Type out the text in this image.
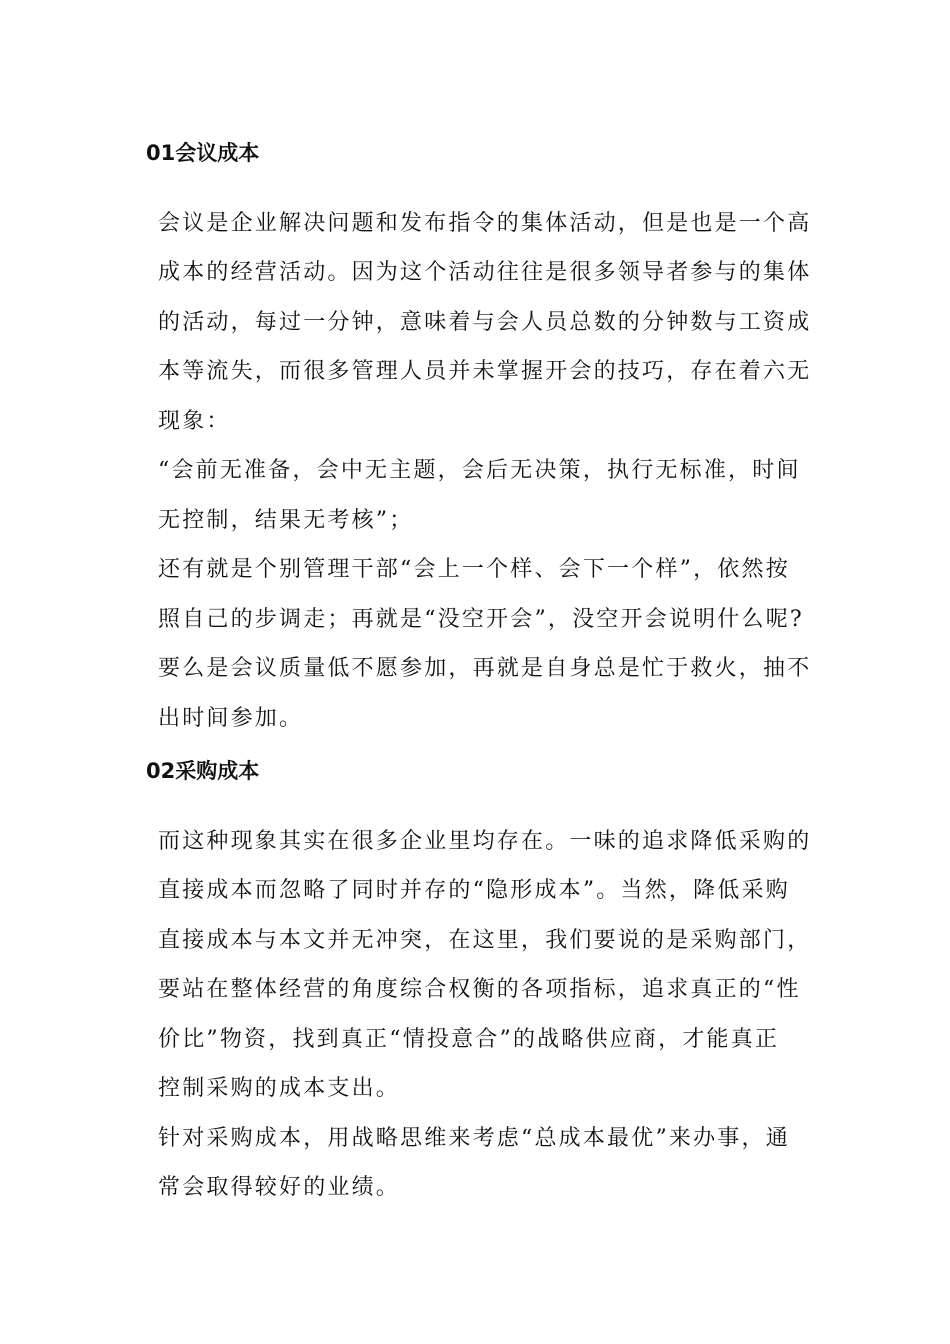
01会议成本
会议是企业解决问题和发布指令的集体活动，但是也是一个高
成本的经营活动。因为这个活动往往是很多领导者参与的集体
的活动，每过一分钟，意味着与会人员总数的分钟数与工资成
本等流失，而很多管理人员并未掌握开会的技巧，存在着六无
现象：
“会前无准备，会中无主题，会后无决策，执行无标准，时间
无控制，结果无考核”；
还有就是个别管理干部“会上一个样、会下一个样”，依然按
照自己的步调走；再就是“没空开会”，没空开会说明什么呢?
要么是会议质量低不愿参加，再就是自身总是忙于救火，抽不
出时间参加。
02采购成本
而这种现象其实在很多企业里均存在。一味的追求降低采购的
直接成本而忽略了同时并存的“隐形成本”。当然，降低采购
直接成本与本文并无冲突，在这里，我们要说的是采购部门，
要站在整体经营的角度综合权衡的各项指标，追求真正的“性
价比”物资，找到真正“情投意合”的战略供应商，才能真正
控制采购的成本支出。
针对采购成本，用战略思维来考虑“总成本最优”来办事，通
常会取得较好的业绩。
